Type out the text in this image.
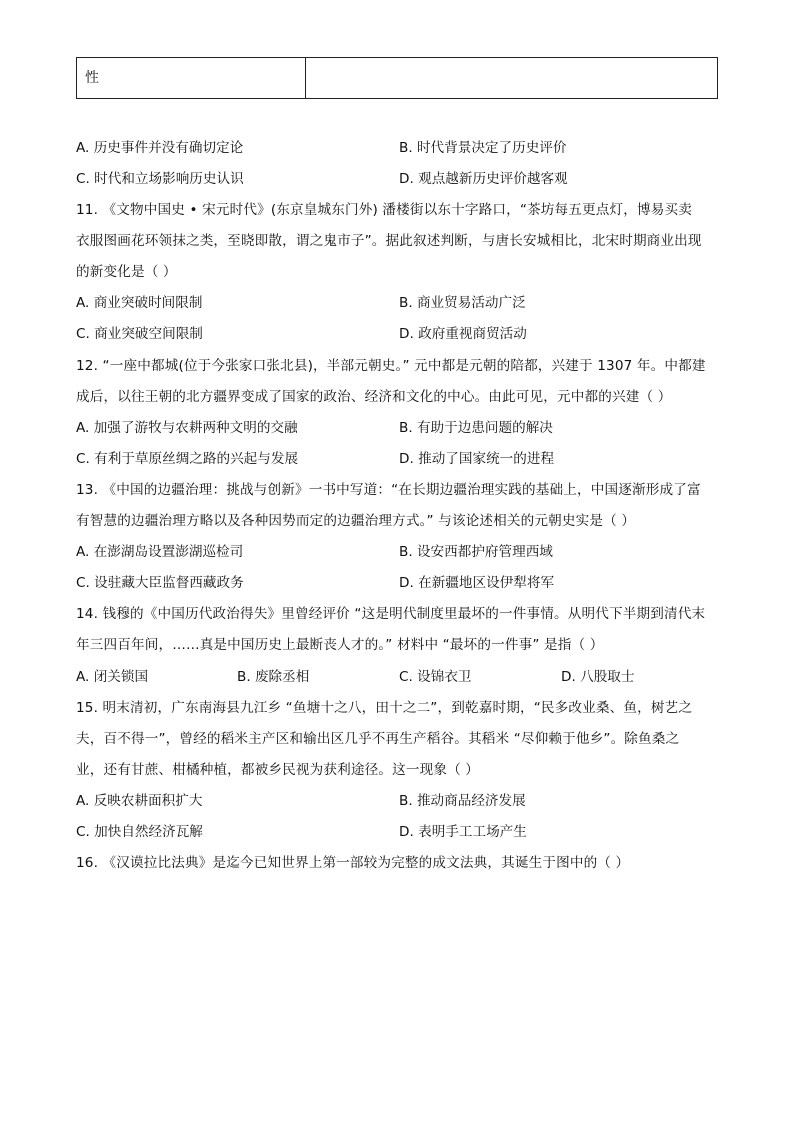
性
A. 历史事件并没有确切定论	B. 时代背景决定了历史评价
C. 时代和立场影响历史认识	D. 观点越新历史评价越客观
11. 《文物中国史 • 宋元时代》(东京皇城东门外) 潘楼街以东十字路口，“茶坊每五更点灯，博易买卖
衣服图画花环领抹之类，至晓即散，谓之鬼市子”。据此叙述判断，与唐长安城相比，北宋时期商业出现
的新变化是（ ）
A. 商业突破时间限制	B. 商业贸易活动广泛
C. 商业突破空间限制	D. 政府重视商贸活动
12. “一座中都城(位于今张家口张北县)，半部元朝史。” 元中都是元朝的陪都，兴建于 1307 年。中都建
成后，以往王朝的北方疆界变成了国家的政治、经济和文化的中心。由此可见，元中都的兴建（ ）
A. 加强了游牧与农耕两种文明的交融	B. 有助于边患问题的解决
C. 有利于草原丝绸之路的兴起与发展	D. 推动了国家统一的进程
13. 《中国的边疆治理：挑战与创新》一书中写道：“在长期边疆治理实践的基础上，中国逐渐形成了富
有智慧的边疆治理方略以及各种因势而定的边疆治理方式。” 与该论述相关的元朝史实是（ ）
A. 在澎湖岛设置澎湖巡检司	B. 设安西都护府管理西域
C. 设驻藏大臣监督西藏政务	D. 在新疆地区设伊犁将军
14. 钱穆的《中国历代政治得失》里曾经评价 “这是明代制度里最坏的一件事情。从明代下半期到清代末
年三四百年间，……真是中国历史上最断丧人才的。” 材料中 “最坏的一件事” 是指（ ）
A. 闭关锁国	B. 废除丞相	C. 设锦衣卫	D. 八股取士
15. 明末清初，广东南海县九江乡 “鱼塘十之八，田十之二”，到乾嘉时期，“民多改业桑、鱼，树艺之
夫，百不得一”，曾经的稻米主产区和输出区几乎不再生产稻谷。其稻米 “尽仰赖于他乡”。除鱼桑之
业，还有甘蔗、柑橘种植，都被乡民视为获利途径。这一现象（ ）
A. 反映农耕面积扩大	B. 推动商品经济发展
C. 加快自然经济瓦解	D. 表明手工工场产生
16. 《汉谟拉比法典》是迄今已知世界上第一部较为完整的成文法典，其诞生于图中的（ ）
